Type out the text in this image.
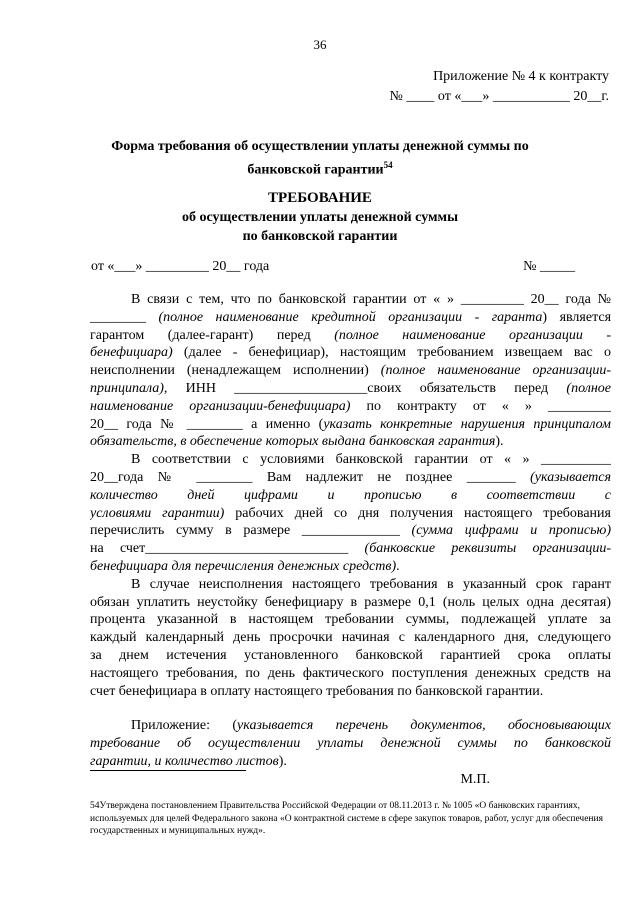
36
Приложение № 4 к контракту
№ ____ от «___» ___________ 20__г.
Форма требования об осуществлении уплаты денежной суммы по
банковской гарантии$^{54}$
ТРЕБОВАНИЕ
об осуществлении уплаты денежной суммы
по банковской гарантии
от «___» _________ 20__ года	№ _____
В связи с тем, что по банковской гарантии от « » _________ 20__ года №
________ (полное наименование кредитной организации - гаранта) является
гарантом (далее-гарант) перед (полное наименование организации -
бенефициара) (далее - бенефициар), настоящим требованием извещаем вас о
неисполнении (ненадлежащем исполнении) (полное наименование организации-
принципала), ИНН ___________________своих обязательств перед (полное
наименование организации-бенефициара) по контракту от « » _________
20__ года № ________ а именно (указать конкретные нарушения принципалом
обязательств, в обеспечение которых выдана банковская гарантия).
В соответствии с условиями банковской гарантии от « » __________
20__года № ________ Вам надлежит не позднее _______ (указывается
количество дней цифрами и прописью в соответствии с
условиями гарантии) рабочих дней со дня получения настоящего требования
перечислить сумму в размере ______________ (сумма цифрами и прописью)
на счет_____________________________ (банковские реквизиты организации-
бенефициара для перечисления денежных средств).
В случае неисполнения настоящего требования в указанный срок гарант
обязан уплатить неустойку бенефициару в размере 0,1 (ноль целых одна десятая)
процента указанной в настоящем требовании суммы, подлежащей уплате за
каждый календарный день просрочки начиная с календарного дня, следующего
за днем истечения установленного банковской гарантией срока оплаты
настоящего требования, по день фактического поступления денежных средств на
счет бенефициара в оплату настоящего требования по банковской гарантии.
Приложение: (указывается перечень документов, обосновывающих
требование об осуществлении уплаты денежной суммы по банковской
гарантии, и количество листов).
М.П.
54Утверждена постановлением Правительства Российской Федерации от 08.11.2013 г. № 1005 «О банковских гарантиях, используемых для целей Федерального закона «О контрактной системе в сфере закупок товаров, работ, услуг для обеспечения государственных и муниципальных нужд».
